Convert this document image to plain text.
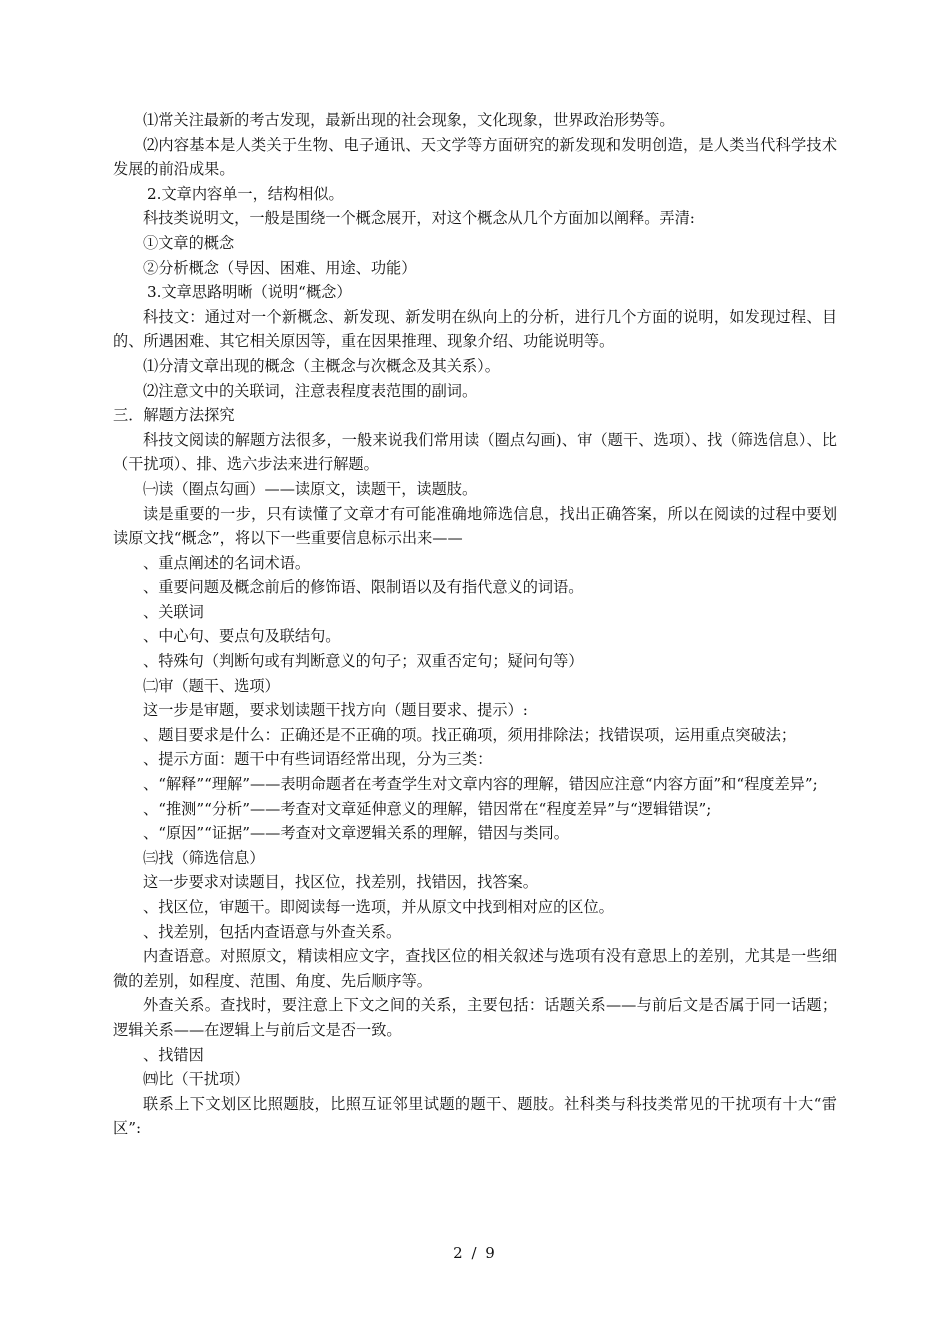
⑴常关注最新的考古发现，最新出现的社会现象，文化现象，世界政治形势等。
⑵内容基本是人类关于生物、电子通讯、天文学等方面研究的新发现和发明创造，是人类当代科学技术发展的前沿成果。
2.文章内容单一，结构相似。
科技类说明文，一般是围绕一个概念展开，对这个概念从几个方面加以阐释。弄清:
①文章的概念
②分析概念（导因、困难、用途、功能）
3.文章思路明晰（说明“概念）
科技文：通过对一个新概念、新发现、新发明在纵向上的分析，进行几个方面的说明，如发现过程、目的、所遇困难、其它相关原因等，重在因果推理、现象介绍、功能说明等。
⑴分清文章出现的概念（主概念与次概念及其关系）。
⑵注意文中的关联词，注意表程度表范围的副词。
三．解题方法探究
科技文阅读的解题方法很多，一般来说我们常用读（圈点勾画)、审（题干、选项）、找（筛选信息）、比（干扰项）、排、选六步法来进行解题。
㈠读（圈点勾画）——读原文，读题干，读题肢。
读是重要的一步，只有读懂了文章才有可能准确地筛选信息，找出正确答案，所以在阅读的过程中要划读原文找“概念”，将以下一些重要信息标示出来——
、重点阐述的名词术语。
、重要问题及概念前后的修饰语、限制语以及有指代意义的词语。
、关联词
、中心句、要点句及联结句。
、特殊句（判断句或有判断意义的句子；双重否定句；疑问句等）
㈡审（题干、选项）
这一步是审题，要求划读题干找方向（题目要求、提示）:
、题目要求是什么：正确还是不正确的项。找正确项，须用排除法；找错误项，运用重点突破法；
、提示方面：题干中有些词语经常出现，分为三类：
、“解释”“理解”——表明命题者在考查学生对文章内容的理解，错因应注意“内容方面”和“程度差异”;
、“推测”“分析”——考查对文章延伸意义的理解，错因常在“程度差异”与“逻辑错误”;
、“原因”“证据”——考查对文章逻辑关系的理解，错因与类同。
㈢找（筛选信息）
这一步要求对读题目，找区位，找差别，找错因，找答案。
、找区位，审题干。即阅读每一选项，并从原文中找到相对应的区位。
、找差别，包括内查语意与外查关系。
内查语意。对照原文，精读相应文字，查找区位的相关叙述与选项有没有意思上的差别，尤其是一些细微的差别，如程度、范围、角度、先后顺序等。
外查关系。查找时，要注意上下文之间的关系，主要包括：话题关系——与前后文是否属于同一话题；逻辑关系——在逻辑上与前后文是否一致。
、找错因
㈣比（干扰项）
联系上下文划区比照题肢，比照互证邻里试题的题干、题肢。社科类与科技类常见的干扰项有十大“雷区”:
2 / 9
